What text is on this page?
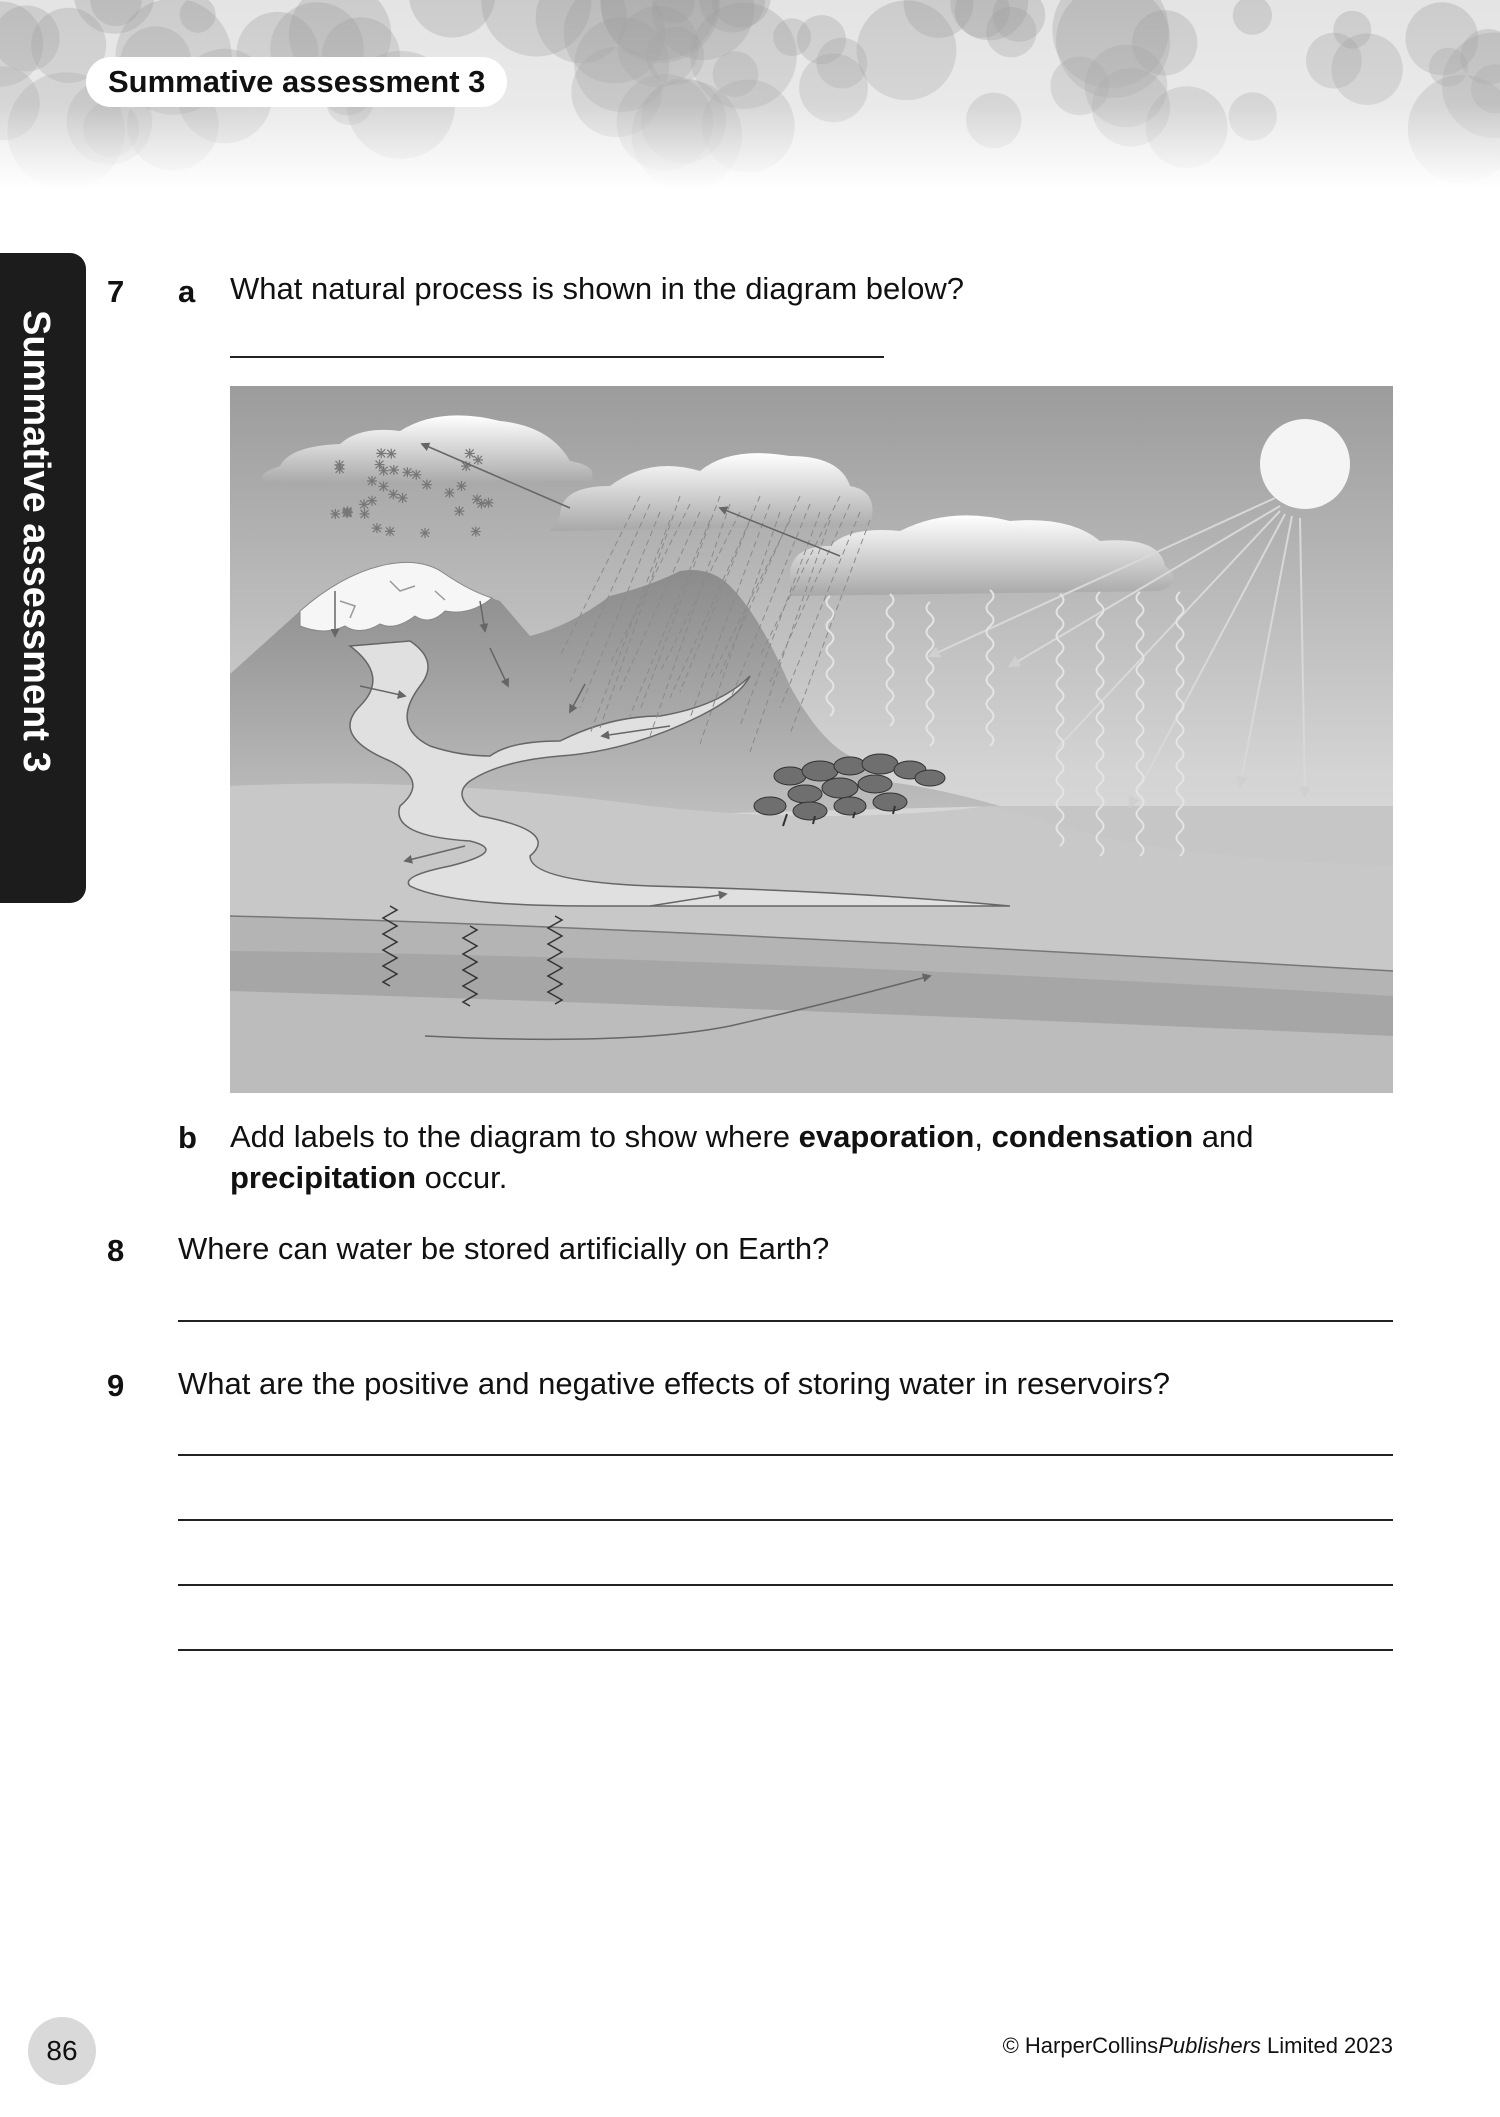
Summative assessment 3
Summative assessment 3
7 a What natural process is shown in the diagram below?
b Add labels to the diagram to show where evaporation, condensation and
precipitation occur.
8 Where can water be stored artificially on Earth?
9 What are the positive and negative effects of storing water in reservoirs?
86	© HarperCollinsPublishers Limited 2023
